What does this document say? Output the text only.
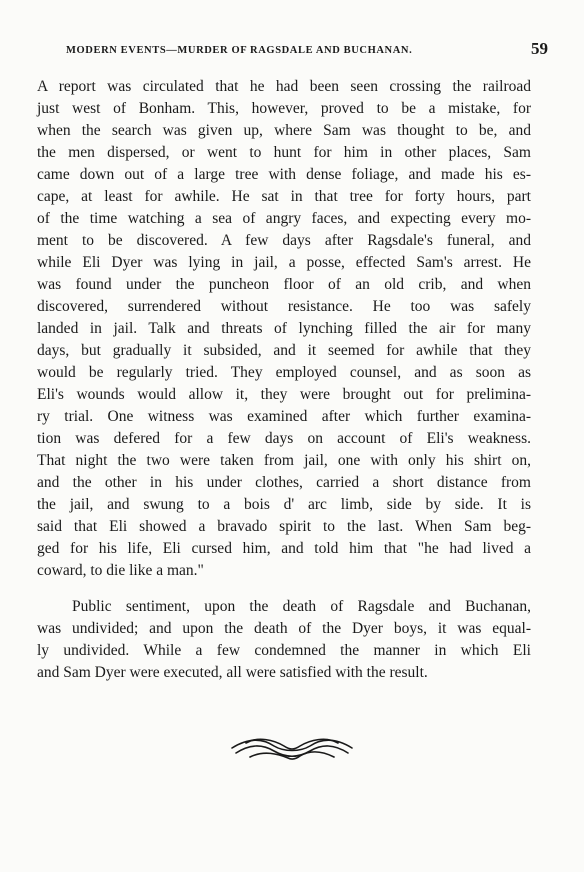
MODERN EVENTS—MURDER OF RAGSDALE AND BUCHANAN.	59
A report was circulated that he had been seen crossing the railroad
just west of Bonham. This, however, proved to be a mistake, for
when the search was given up, where Sam was thought to be, and
the men dispersed, or went to hunt for him in other places, Sam
came down out of a large tree with dense foliage, and made his es-
cape, at least for awhile. He sat in that tree for forty hours, part
of the time watching a sea of angry faces, and expecting every mo-
ment to be discovered. A few days after Ragsdale's funeral, and
while Eli Dyer was lying in jail, a posse, effected Sam's arrest. He
was found under the puncheon floor of an old crib, and when
discovered, surrendered without resistance. He too was safely
landed in jail. Talk and threats of lynching filled the air for many
days, but gradually it subsided, and it seemed for awhile that they
would be regularly tried. They employed counsel, and as soon as
Eli's wounds would allow it, they were brought out for prelimina-
ry trial. One witness was examined after which further examina-
tion was defered for a few days on account of Eli's weakness.
That night the two were taken from jail, one with only his shirt on,
and the other in his under clothes, carried a short distance from
the jail, and swung to a bois d' arc limb, side by side. It is
said that Eli showed a bravado spirit to the last. When Sam beg-
ged for his life, Eli cursed him, and told him that "he had lived a
coward, to die like a man."
Public sentiment, upon the death of Ragsdale and Buchanan,
was undivided; and upon the death of the Dyer boys, it was equal-
ly undivided. While a few condemned the manner in which Eli
and Sam Dyer were executed, all were satisfied with the result.
